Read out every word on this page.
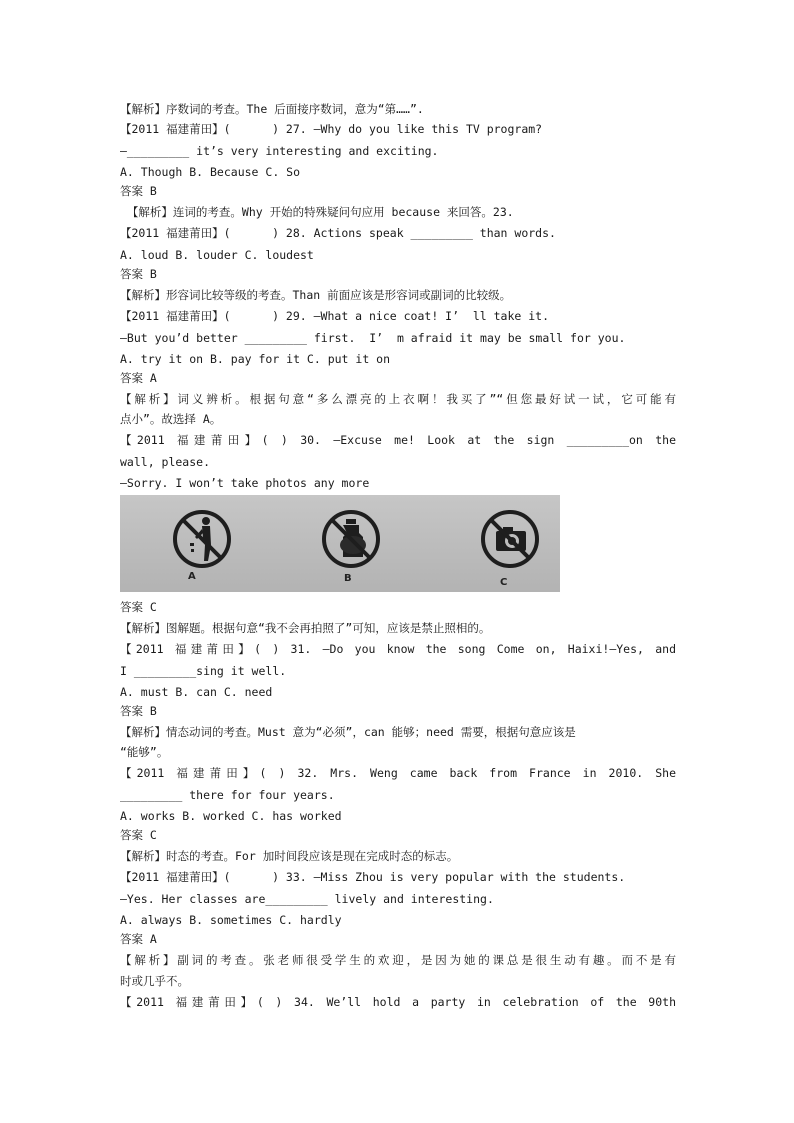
【解析】序数词的考查。The 后面接序数词，意为“第……”.
【2011 福建莆田】(      ) 27. —Why do you like this TV program?
—_________ it’s very interesting and exciting.
A. Though B. Because C. So
答案 B
【解析】连词的考查。Why 开始的特殊疑问句应用 because 来回答。23.
【2011 福建莆田】(      ) 28. Actions speak _________ than words.
A. loud B. louder C. loudest
答案 B
【解析】形容词比较等级的考查。Than 前面应该是形容词或副词的比较级。
【2011 福建莆田】(      ) 29. —What a nice coat! I’  ll take it.
—But you’d better _________ first.  I’  m afraid it may be small for you.
A. try it on B. pay for it C. put it on
答案 A
【解析】词义辨析。根据句意“多么漂亮的上衣啊！我买了”“但您最好试一试，它可能有
点小”。故选择 A。
【2011 福建莆田】( ) 30. —Excuse me! Look at the sign _________on the
wall, please.
—Sorry. I won’t take photos any more
答案 C
【解析】图解题。根据句意“我不会再拍照了”可知，应该是禁止照相的。
【2011 福建莆田】( ) 31. —Do you know the song Come on, Haixi!—Yes, and
I _________sing it well.
A. must B. can C. need
答案 B
【解析】情态动词的考查。Must 意为“必须”，can 能够；need 需要，根据句意应该是
“能够”。
【2011 福建莆田】( ) 32. Mrs. Weng came back from France in 2010. She
_________ there for four years.
A. works B. worked C. has worked
答案 C
【解析】时态的考查。For 加时间段应该是现在完成时态的标志。
【2011 福建莆田】(      ) 33. —Miss Zhou is very popular with the students.
—Yes. Her classes are_________ lively and interesting.
A. always B. sometimes C. hardly
答案 A
【解析】副词的考查。张老师很受学生的欢迎，是因为她的课总是很生动有趣。而不是有
时或几乎不。
【2011 福建莆田】( ) 34. We’ll hold a party in celebration of the 90th
A	B	C
